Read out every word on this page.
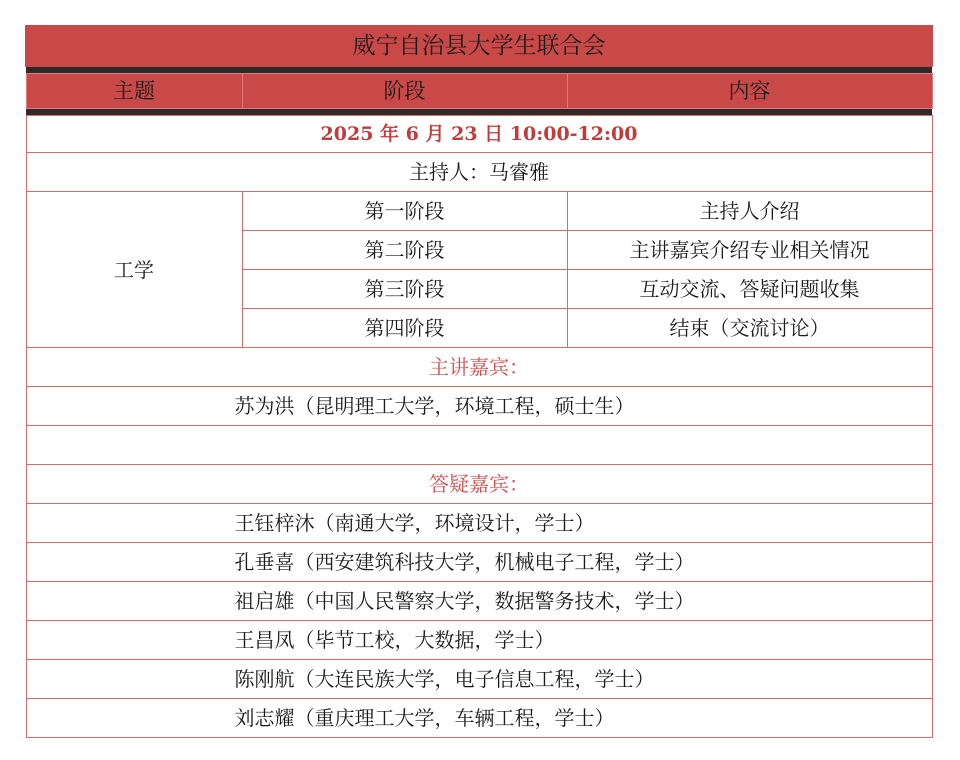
威宁自治县大学生联合会		

主题	阶段	内容

2025 年 6 月 23 日 10:00-12:00		
主持人：马睿雅		
工学	第一阶段	主持人介绍
	第二阶段	主讲嘉宾介绍专业相关情况
	第三阶段	互动交流、答疑问题收集
	第四阶段	结束（交流讨论）
主讲嘉宾：		
苏为洪（昆明理工大学，环境工程，硕士生）		

答疑嘉宾：		
王钰梓沐（南通大学，环境设计，学士）		
孔垂喜（西安建筑科技大学，机械电子工程，学士）		
祖启雄（中国人民警察大学，数据警务技术，学士）		
王昌凤（毕节工校，大数据，学士）		
陈刚航（大连民族大学，电子信息工程，学士）		
刘志耀（重庆理工大学，车辆工程，学士）		
